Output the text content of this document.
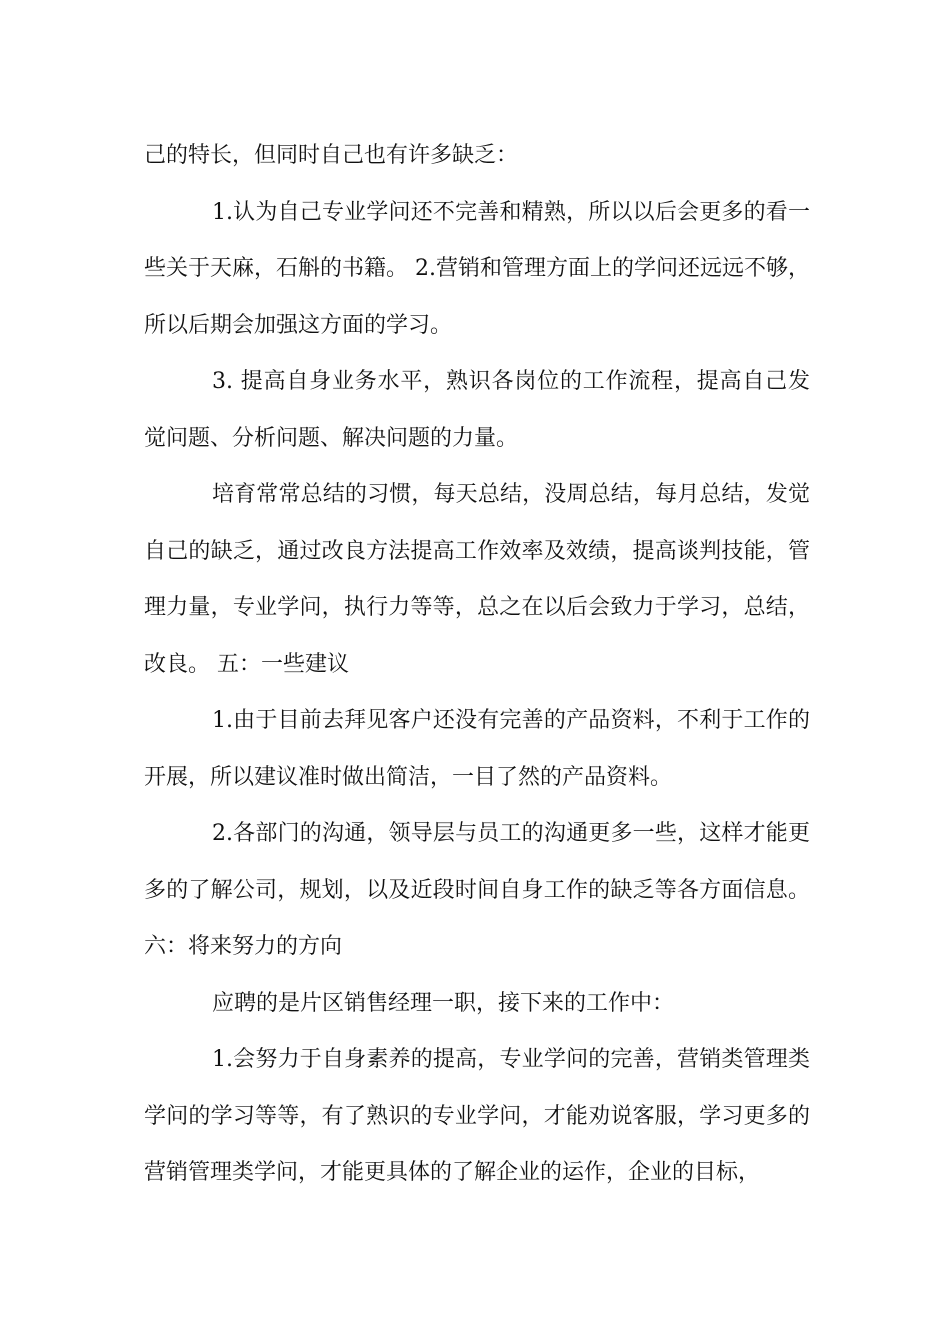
己的特长，但同时自己也有许多缺乏：

1.认为自己专业学问还不完善和精熟，所以以后会更多的看一些关于天麻，石斛的书籍。 2.营销和管理方面上的学问还远远不够，所以后期会加强这方面的学习。

3. 提高自身业务水平，熟识各岗位的工作流程，提高自己发觉问题、分析问题、解决问题的力量。

培育常常总结的习惯，每天总结，没周总结，每月总结，发觉自己的缺乏，通过改良方法提高工作效率及效绩，提高谈判技能，管理力量，专业学问，执行力等等，总之在以后会致力于学习，总结，改良。 五：一些建议

1.由于目前去拜见客户还没有完善的产品资料，不利于工作的开展，所以建议准时做出简洁，一目了然的产品资料。

2.各部门的沟通，领导层与员工的沟通更多一些，这样才能更多的了解公司，规划，以及近段时间自身工作的缺乏等各方面信息。 六：将来努力的方向

应聘的是片区销售经理一职，接下来的工作中：

1.会努力于自身素养的提高，专业学问的完善，营销类管理类学问的学习等等，有了熟识的专业学问，才能劝说客服，学习更多的营销管理类学问，才能更具体的了解企业的运作，企业的目标，
